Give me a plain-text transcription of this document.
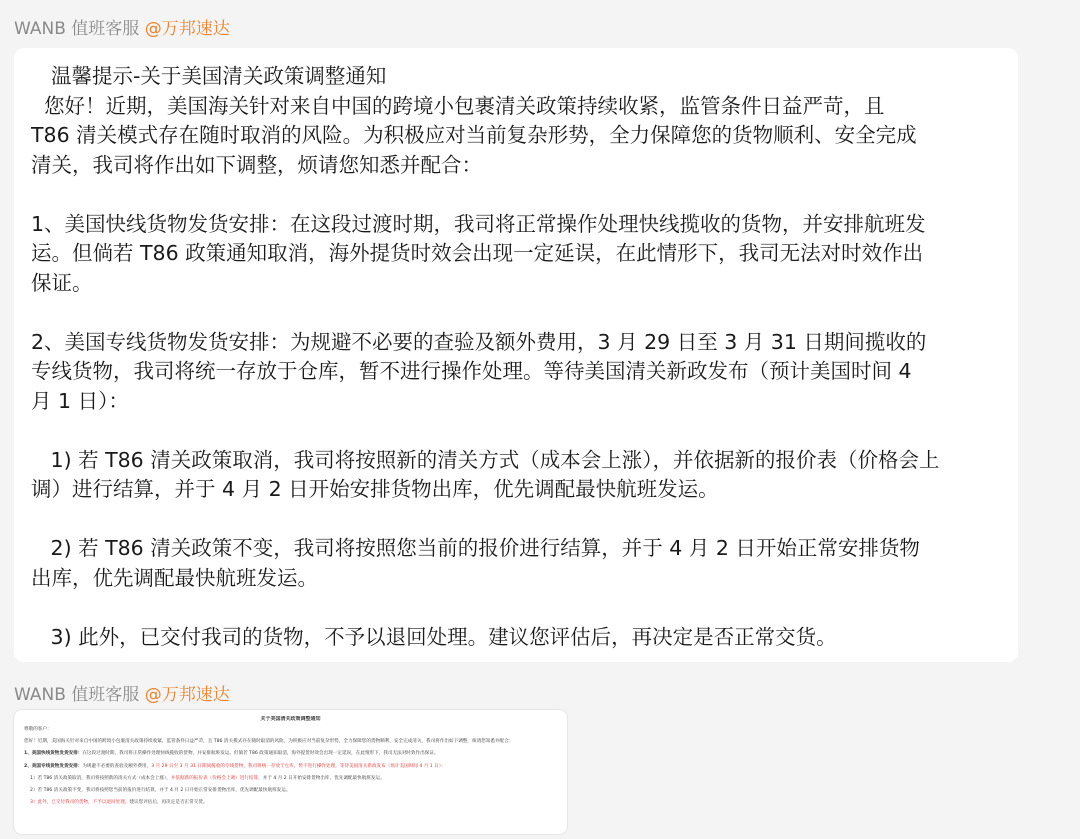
WANB 值班客服 @万邦速达
温馨提示-关于美国清关政策调整通知
您好！近期，美国海关针对来自中国的跨境小包裹清关政策持续收紧，监管条件日益严苛，且
T86 清关模式存在随时取消的风险。为积极应对当前复杂形势，全力保障您的货物顺利、安全完成
清关，我司将作出如下调整，烦请您知悉并配合：
1、美国快线货物发货安排：在这段过渡时期，我司将正常操作处理快线揽收的货物，并安排航班发
运。但倘若 T86 政策通知取消，海外提货时效会出现一定延误，在此情形下，我司无法对时效作出
保证。
2、美国专线货物发货安排：为规避不必要的查验及额外费用，3 月 29 日至 3 月 31 日期间揽收的
专线货物，我司将统一存放于仓库，暂不进行操作处理。等待美国清关新政发布（预计美国时间 4
月 1 日）：
1) 若 T86 清关政策取消，我司将按照新的清关方式（成本会上涨），并依据新的报价表（价格会上
调）进行结算，并于 4 月 2 日开始安排货物出库，优先调配最快航班发运。
2) 若 T86 清关政策不变，我司将按照您当前的报价进行结算，并于 4 月 2 日开始正常安排货物
出库，优先调配最快航班发运。
3) 此外，已交付我司的货物，不予以退回处理。建议您评估后，再决定是否正常交货。
WANB 值班客服 @万邦速达
关于美国清关政策调整通知
尊敬的客户：
您好！近期，美国海关针对来自中国的跨境小包裹清关政策持续收紧，监管条件日益严苛，且 T86 清关模式存在随时取消的风险。为积极应对当前复杂形势，全力保障您的货物顺利，安全完成清关，我司将作出如下调整，烦请您知悉并配合：
1、美国快线货物发货安排：在这段过渡时期，我司将正常操作处理快线揽收的货物，并安排航班发运。但倘若 T86 政策通知取消，海外提货时效会出现一定延误，在此情形下，我司无法对时效作出保证。
2、美国专线货物发货安排：为规避不必要的查验及额外费用，3 月 29 日至 3 月 31 日期间揽收的专线货物，我司将统一存放于仓库，暂不进行操作处理，等待美国清关新政发布（预计美国时间 4 月 1 日）：
1）若 T86 清关政策取消，我司将按照新的清关方式（成本会上涨），并依据新的报价表（价格会上调）进行结算，并于 4 月 2 日开始安排货物出库，优先调配最快航班发运。
2）若 T86 清关政策不变，我司将按照您当前的报价进行结算，并于 4 月 2 日开始正常安排货物出库，优先调配最快航班发运。
3）此外，已交付我司的货物，不予以退回处理。建议您评估后，再决定是否正常交货。
